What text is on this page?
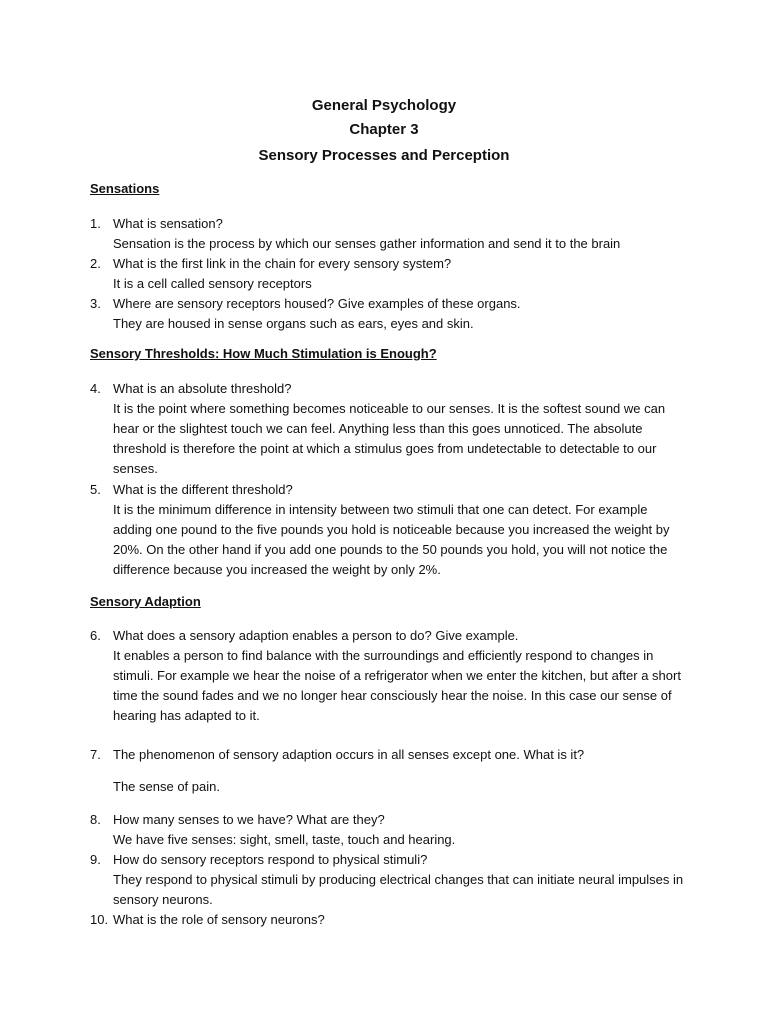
General Psychology

Chapter 3

Sensory Processes and Perception

Sensations

1. What is sensation?
Sensation is the process by which our senses gather information and send it to the brain
2. What is the first link in the chain for every sensory system?
It is a cell called sensory receptors
3. Where are sensory receptors housed? Give examples of these organs.
They are housed in sense organs such as ears, eyes and skin.

Sensory Thresholds: How Much Stimulation is Enough?

4. What is an absolute threshold?
It is the point where something becomes noticeable to our senses. It is the softest sound we can hear or the slightest touch we can feel. Anything less than this goes unnoticed. The absolute threshold is therefore the point at which a stimulus goes from undetectable to detectable to our senses.
5. What is the different threshold?
It is the minimum difference in intensity between two stimuli that one can detect. For example adding one pound to the five pounds you hold is noticeable because you increased the weight by 20%. On the other hand if you add one pounds to the 50 pounds you hold, you will not notice the difference because you increased the weight by only 2%.

Sensory Adaption

6. What does a sensory adaption enables a person to do? Give example.
It enables a person to find balance with the surroundings and efficiently respond to changes in stimuli. For example we hear the noise of a refrigerator when we enter the kitchen, but after a short time the sound fades and we no longer hear consciously hear the noise. In this case our sense of hearing has adapted to it.
7. The phenomenon of sensory adaption occurs in all senses except one. What is it?
The sense of pain.
8. How many senses to we have? What are they?
We have five senses: sight, smell, taste, touch and hearing.
9. How do sensory receptors respond to physical stimuli?
They respond to physical stimuli by producing electrical changes that can initiate neural impulses in sensory neurons.
10. What is the role of sensory neurons?
